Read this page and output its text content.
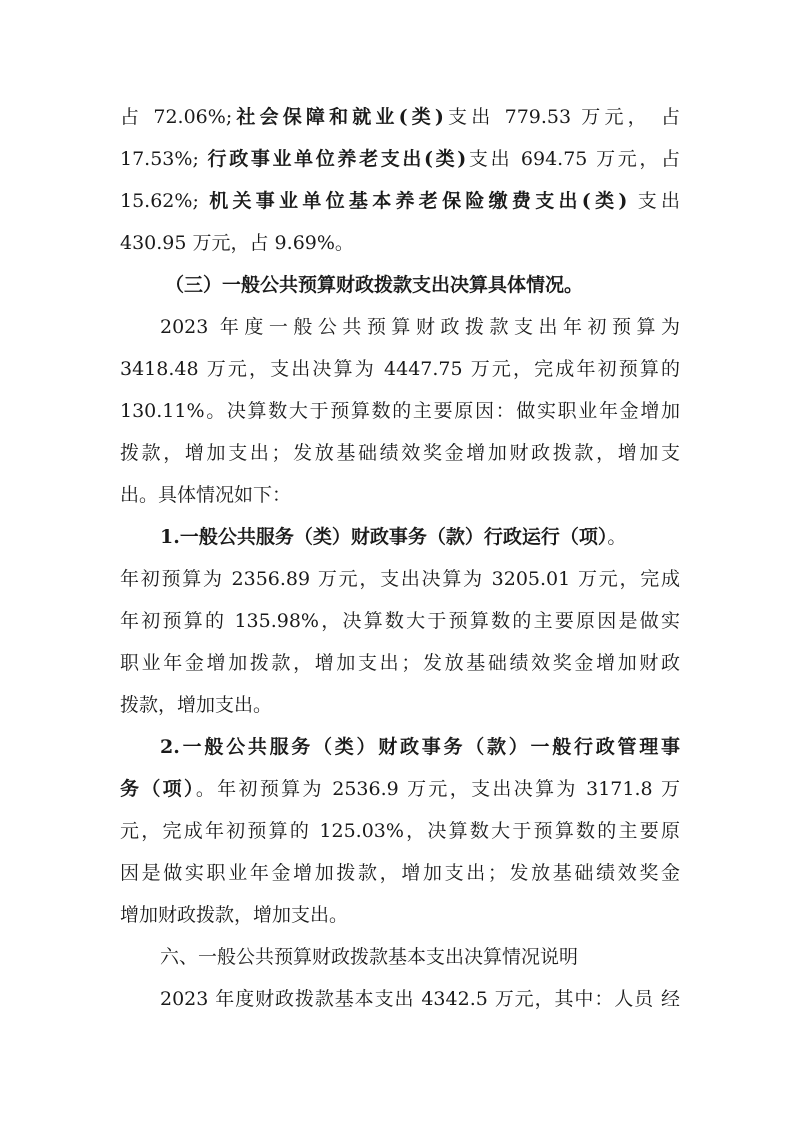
占 72.06%;社会保障和就业(类)支出 779.53 万元， 占
17.53%; 行政事业单位养老支出(类)支出 694.75 万元，占
15.62%; 机关事业单位基本养老保险缴费支出(类) 支出
430.95 万元，占 9.69%。
（三）一般公共预算财政拨款支出决算具体情况。
2023 年度一般公共预算财政拨款支出年初预算为
3418.48 万元，支出决算为 4447.75 万元，完成年初预算的
130.11%。决算数大于预算数的主要原因：做实职业年金增加
拨款，增加支出；发放基础绩效奖金增加财政拨款，增加支
出。具体情况如下：
1.一般公共服务（类）财政事务（款）行政运行（项）。
年初预算为 2356.89 万元，支出决算为 3205.01 万元，完成
年初预算的 135.98%，决算数大于预算数的主要原因是做实
职业年金增加拨款，增加支出；发放基础绩效奖金增加财政
拨款，增加支出。
2.一般公共服务（类）财政事务（款）一般行政管理事
务（项）。年初预算为 2536.9 万元，支出决算为 3171.8 万
元，完成年初预算的 125.03%，决算数大于预算数的主要原
因是做实职业年金增加拨款，增加支出；发放基础绩效奖金
增加财政拨款，增加支出。
六、一般公共预算财政拨款基本支出决算情况说明
2023 年度财政拨款基本支出 4342.5 万元，其中：人员 经
